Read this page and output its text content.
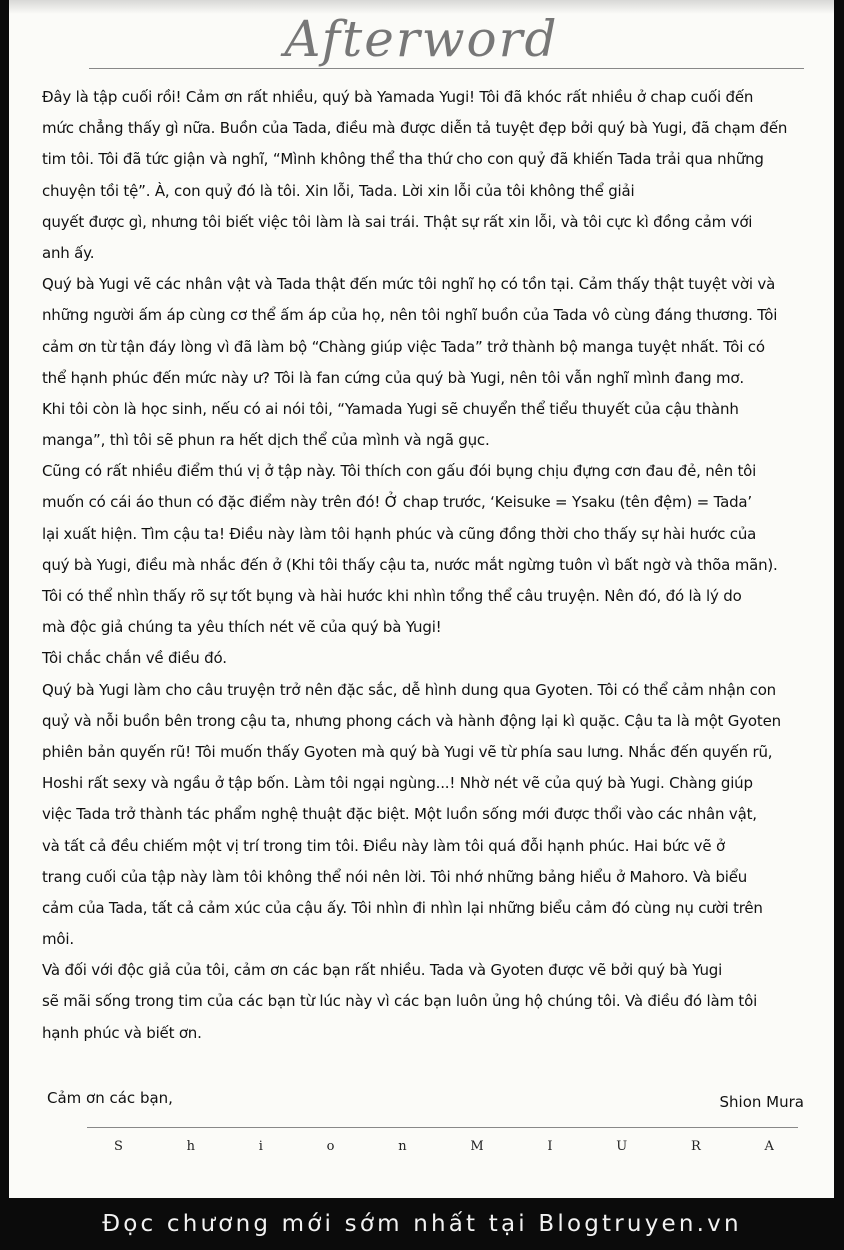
Afterword
Đây là tập cuối rồi! Cảm ơn rất nhiều, quý bà Yamada Yugi! Tôi đã khóc rất nhiều ở chap cuối đến
mức chẳng thấy gì nữa. Buồn của Tada, điều mà được diễn tả tuyệt đẹp bởi quý bà Yugi, đã chạm đến
tim tôi. Tôi đã tức giận và nghĩ, “Mình không thể tha thứ cho con quỷ đã khiến Tada trải qua những
chuyện tồi tệ”. À, con quỷ đó là tôi. Xin lỗi, Tada. Lời xin lỗi của tôi không thể giải
quyết được gì, nhưng tôi biết việc tôi làm là sai trái. Thật sự rất xin lỗi, và tôi cực kì đồng cảm với
anh ấy.
Quý bà Yugi vẽ các nhân vật và Tada thật đến mức tôi nghĩ họ có tồn tại. Cảm thấy thật tuyệt vời và
những người ấm áp cùng cơ thể ấm áp của họ, nên tôi nghĩ buồn của Tada vô cùng đáng thương. Tôi
cảm ơn từ tận đáy lòng vì đã làm bộ “Chàng giúp việc Tada” trở thành bộ manga tuyệt nhất. Tôi có
thể hạnh phúc đến mức này ư? Tôi là fan cứng của quý bà Yugi, nên tôi vẫn nghĩ mình đang mơ.
Khi tôi còn là học sinh, nếu có ai nói tôi, “Yamada Yugi sẽ chuyển thể tiểu thuyết của cậu thành
manga”, thì tôi sẽ phun ra hết dịch thể của mình và ngã gục.
Cũng có rất nhiều điểm thú vị ở tập này. Tôi thích con gấu đói bụng chịu đựng cơn đau đẻ, nên tôi
muốn có cái áo thun có đặc điểm này trên đó! Ở chap trước, ‘Keisuke = Ysaku (tên đệm) = Tada’
lại xuất hiện. Tìm cậu ta! Điều này làm tôi hạnh phúc và cũng đồng thời cho thấy sự hài hước của
quý bà Yugi, điều mà nhắc đến ở (Khi tôi thấy cậu ta, nước mắt ngừng tuôn vì bất ngờ và thõa mãn).
Tôi có thể nhìn thấy rõ sự tốt bụng và hài hước khi nhìn tổng thể câu truyện. Nên đó, đó là lý do
mà độc giả chúng ta yêu thích nét vẽ của quý bà Yugi!
Tôi chắc chắn về điều đó.
Quý bà Yugi làm cho câu truyện trở nên đặc sắc, dễ hình dung qua Gyoten. Tôi có thể cảm nhận con
quỷ và nỗi buồn bên trong cậu ta, nhưng phong cách và hành động lại kì quặc. Cậu ta là một Gyoten
phiên bản quyến rũ! Tôi muốn thấy Gyoten mà quý bà Yugi vẽ từ phía sau lưng. Nhắc đến quyến rũ,
Hoshi rất sexy và ngầu ở tập bốn. Làm tôi ngại ngùng...! Nhờ nét vẽ của quý bà Yugi. Chàng giúp
việc Tada trở thành tác phẩm nghệ thuật đặc biệt. Một luồn sống mới được thổi vào các nhân vật,
và tất cả đều chiếm một vị trí trong tim tôi. Điều này làm tôi quá đỗi hạnh phúc. Hai bức vẽ ở
trang cuối của tập này làm tôi không thể nói nên lời. Tôi nhớ những bảng hiểu ở Mahoro. Và biểu
cảm của Tada, tất cả cảm xúc của cậu ấy. Tôi nhìn đi nhìn lại những biểu cảm đó cùng nụ cười trên
môi.
Và đối với độc giả của tôi, cảm ơn các bạn rất nhiều. Tada và Gyoten được vẽ bởi quý bà Yugi
sẽ mãi sống trong tim của các bạn từ lúc này vì các bạn luôn ủng hộ chúng tôi. Và điều đó làm tôi
hạnh phúc và biết ơn.
Cảm ơn các bạn,	Shion Mura
S	h	i	o	n	M	I	U	R	A
Đọc chương mới sớm nhất tại Blogtruyen.vn
